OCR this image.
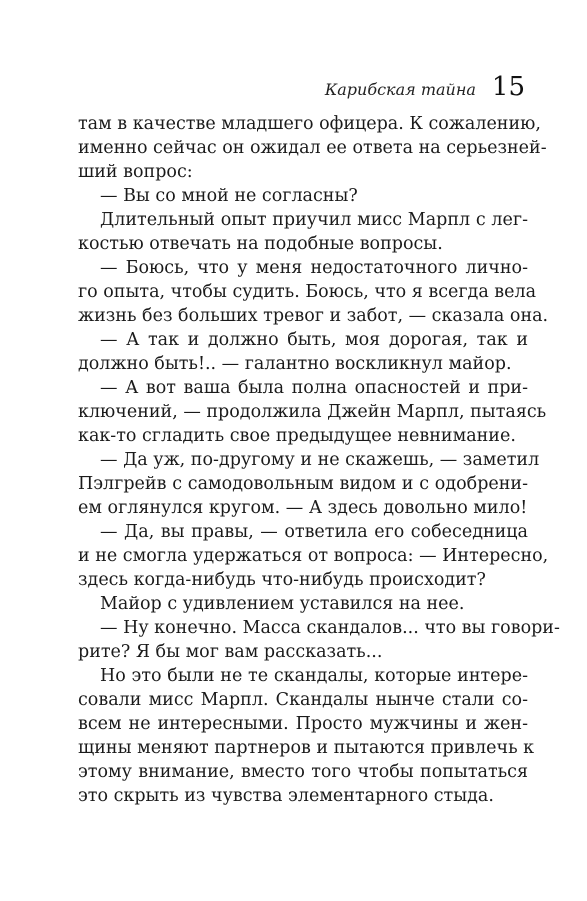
Карибская тайна 15
там в качестве младшего офицера. К сожалению,
именно сейчас он ожидал ее ответа на серьезней-
ший вопрос:
— Вы со мной не согласны?
Длительный опыт приучил мисс Марпл с лег-
костью отвечать на подобные вопросы.
— Боюсь, что у меня недостаточного лично-
го опыта, чтобы судить. Боюсь, что я всегда вела
жизнь без больших тревог и забот, — сказала она.
— А так и должно быть, моя дорогая, так и
должно быть!.. — галантно воскликнул майор.
— А вот ваша была полна опасностей и при-
ключений, — продолжила Джейн Марпл, пытаясь
как-то сгладить свое предыдущее невнимание.
— Да уж, по-другому и не скажешь, — заметил
Пэлгрейв с самодовольным видом и с одобрени-
ем оглянулся кругом. — А здесь довольно мило!
— Да, вы правы, — ответила его собеседница
и не смогла удержаться от вопроса: — Интересно,
здесь когда-нибудь что-нибудь происходит?
Майор с удивлением уставился на нее.
— Ну конечно. Масса скандалов... что вы говори-
рите? Я бы мог вам рассказать...
Но это были не те скандалы, которые интере-
совали мисс Марпл. Скандалы нынче стали со-
всем не интересными. Просто мужчины и жен-
щины меняют партнеров и пытаются привлечь к
этому внимание, вместо того чтобы попытаться
это скрыть из чувства элементарного стыда.
